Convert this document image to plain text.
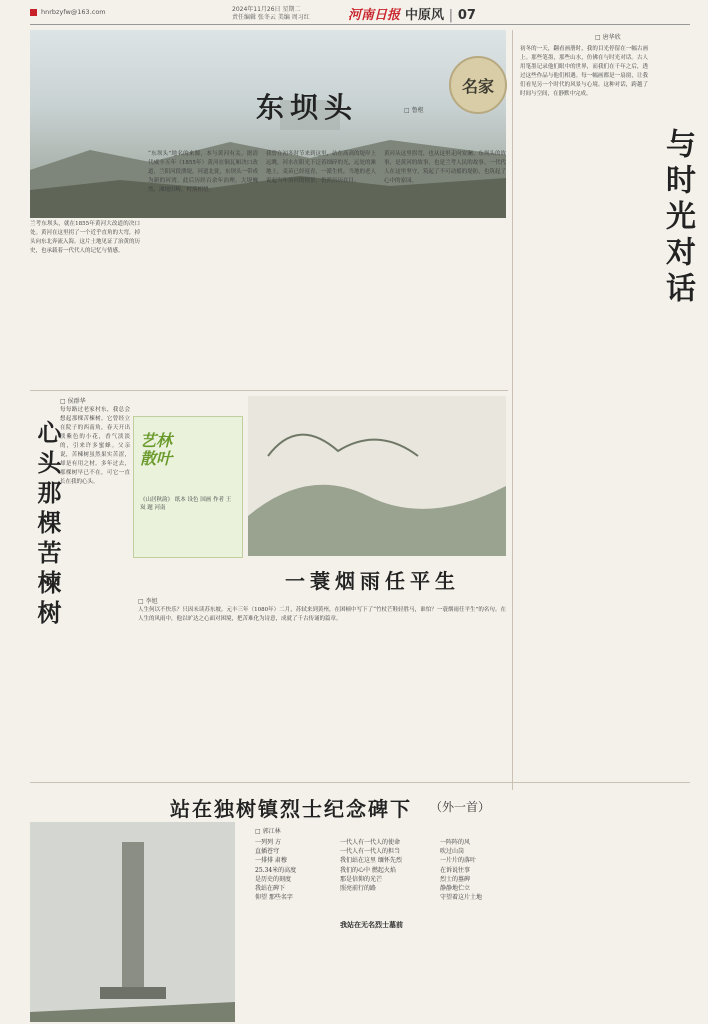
hnrbzyfw@163.com	2024年11月26日 星期二
责任编辑 张冬云 美编 周习红	河南日报 中原风 | 07
名家
东坝头	□ 鲁枢
兰考东坝头，就在1855年黄河大改道的决口处。黄河在这里拐了一个近乎直角的大弯，掉头向东北奔流入海。这片土地见证了治黄的历史，也承载着一代代人的记忆与情感。
“东坝头”地名的来源，本与黄河有关。据清代咸丰五年（1855年）黄河在铜瓦厢决口改道，兰阳河段溃堤，河道北徙，东坝头一带成为新的河湾。此后历经百余年治理，大堤巍然，滩地田畴，村落相望。
我曾在初冬时节来到这里，站在高高的堤岸上远眺，河水在阳光下泛着细碎的光，远处的滩地上，麦苗已经返青，一派生机。当地的老人说起当年治河的情景，仍然历历在目。
黄河从这里拐弯，也从这里走向安澜。东坝头的故事，是黄河的故事，也是兰考人民的故事。一代代人在这里坚守，筑起了不可动摇的堤防，也筑起了心中的家园。
□ 唐华欣
与时光对话
初冬的一天，翻看画册时，我的目光停留在一幅古画上。那些笔墨，那些山水，仿佛在与时光对话。古人用笔墨记录他们眼中的世界，而我们在千年之后，透过这些作品与他们相遇。每一幅画都是一扇窗，让我们看见另一个时代的风景与心境。这种对话，跨越了时间与空间，在静默中完成。
□ 侯群华
心头那棵苦楝树
每每路过老家村东，我总会想起那棵苦楝树。它曾经立在院子的西南角，春天开出淡紫色的小花，香气淡淡的，引来许多蜜蜂。父亲说，苦楝树虽然果实苦涩，却是有用之材。多年过去，那棵树早已不在，可它一直长在我的心头。
艺林
散叶
《山居秋韵》 纸本 设色 国画 作者 王岚 题 河南
一蓑烟雨任平生
□ 李旭
人生何以不快乐？只因未读苏东坡。元丰三年（1080年）二月，苏轼来到黄州，在困顿中写下了“竹杖芒鞋轻胜马，谁怕？一蓑烟雨任平生”的名句。在人生的风雨中，他以旷达之心面对困境，把苦难化为诗意，成就了千古传诵的篇章。
站在独树镇烈士纪念碑下 （外一首）
□ 郭江林
一列列 方
直插苍穹
一排排 肃穆
25.34米的高度
是历史的刻度
我站在碑下
仰望 那些名字
一代人有一代人的使命
一代人有一代人的担当
我们站在这里 缅怀先烈
我们的心中 燃起火焰
那是信仰的光芒
照亮前行的路
我站在无名烈士墓前
一阵阵的风
吹过山岗
一片片的落叶
在诉说往事
烈士的墓碑
静静地伫立
守望着这片土地
